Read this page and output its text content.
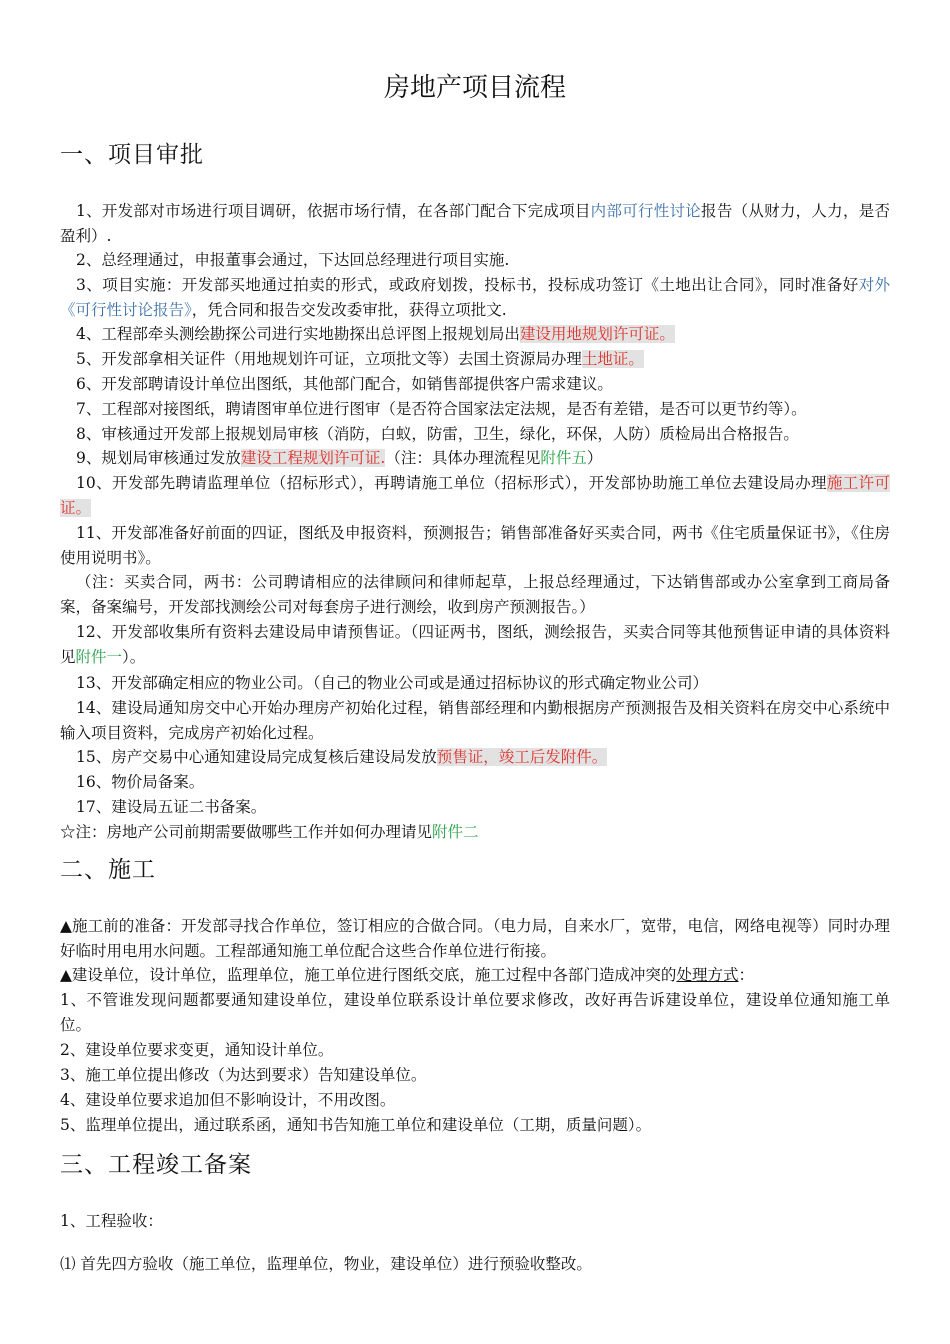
房地产项目流程
一、项目审批
1、开发部对市场进行项目调研，依据市场行情，在各部门配合下完成项目内部可行性讨论报告（从财力，人力，是否盈利）.
2、总经理通过，申报董事会通过，下达回总经理进行项目实施.
3、项目实施：开发部买地通过拍卖的形式，或政府划拨，投标书，投标成功签订《土地出让合同》，同时准备好对外《可行性讨论报告》，凭合同和报告交发改委审批，获得立项批文.
4、工程部牵头测绘勘探公司进行实地勘探出总评图上报规划局出建设用地规划许可证。
5、开发部拿相关证件（用地规划许可证，立项批文等）去国土资源局办理土地证。
6、开发部聘请设计单位出图纸，其他部门配合，如销售部提供客户需求建议。
7、工程部对接图纸，聘请图审单位进行图审（是否符合国家法定法规，是否有差错，是否可以更节约等）。
8、审核通过开发部上报规划局审核（消防，白蚁，防雷，卫生，绿化，环保，人防）质检局出合格报告。
9、规划局审核通过发放建设工程规划许可证.（注：具体办理流程见附件五）
10、开发部先聘请监理单位（招标形式），再聘请施工单位（招标形式），开发部协助施工单位去建设局办理施工许可证。
11、开发部准备好前面的四证，图纸及申报资料，预测报告；销售部准备好买卖合同，两书《住宅质量保证书》，《住房使用说明书》。
（注：买卖合同，两书：公司聘请相应的法律顾问和律师起草，上报总经理通过，下达销售部或办公室拿到工商局备案，备案编号，开发部找测绘公司对每套房子进行测绘，收到房产预测报告。）
12、开发部收集所有资料去建设局申请预售证。（四证两书，图纸，测绘报告，买卖合同等其他预售证申请的具体资料见附件一）。
13、开发部确定相应的物业公司。（自己的物业公司或是通过招标协议的形式确定物业公司）
14、建设局通知房交中心开始办理房产初始化过程，销售部经理和内勤根据房产预测报告及相关资料在房交中心系统中输入项目资料，完成房产初始化过程。
15、房产交易中心通知建设局完成复核后建设局发放预售证，竣工后发附件。
16、物价局备案。
17、建设局五证二书备案。
☆注：房地产公司前期需要做哪些工作并如何办理请见附件二
二、施工
▲施工前的准备：开发部寻找合作单位，签订相应的合做合同。（电力局，自来水厂，宽带，电信，网络电视等）同时办理好临时用电用水问题。工程部通知施工单位配合这些合作单位进行衔接。
▲建设单位，设计单位，监理单位，施工单位进行图纸交底，施工过程中各部门造成冲突的处理方式：
1、不管谁发现问题都要通知建设单位，建设单位联系设计单位要求修改，改好再告诉建设单位，建设单位通知施工单位。
2、建设单位要求变更，通知设计单位。
3、施工单位提出修改（为达到要求）告知建设单位。
4、建设单位要求追加但不影响设计，不用改图。
5、监理单位提出，通过联系函，通知书告知施工单位和建设单位（工期，质量问题）。
三、工程竣工备案
1、工程验收：
⑴ 首先四方验收（施工单位，监理单位，物业，建设单位）进行预验收整改。
